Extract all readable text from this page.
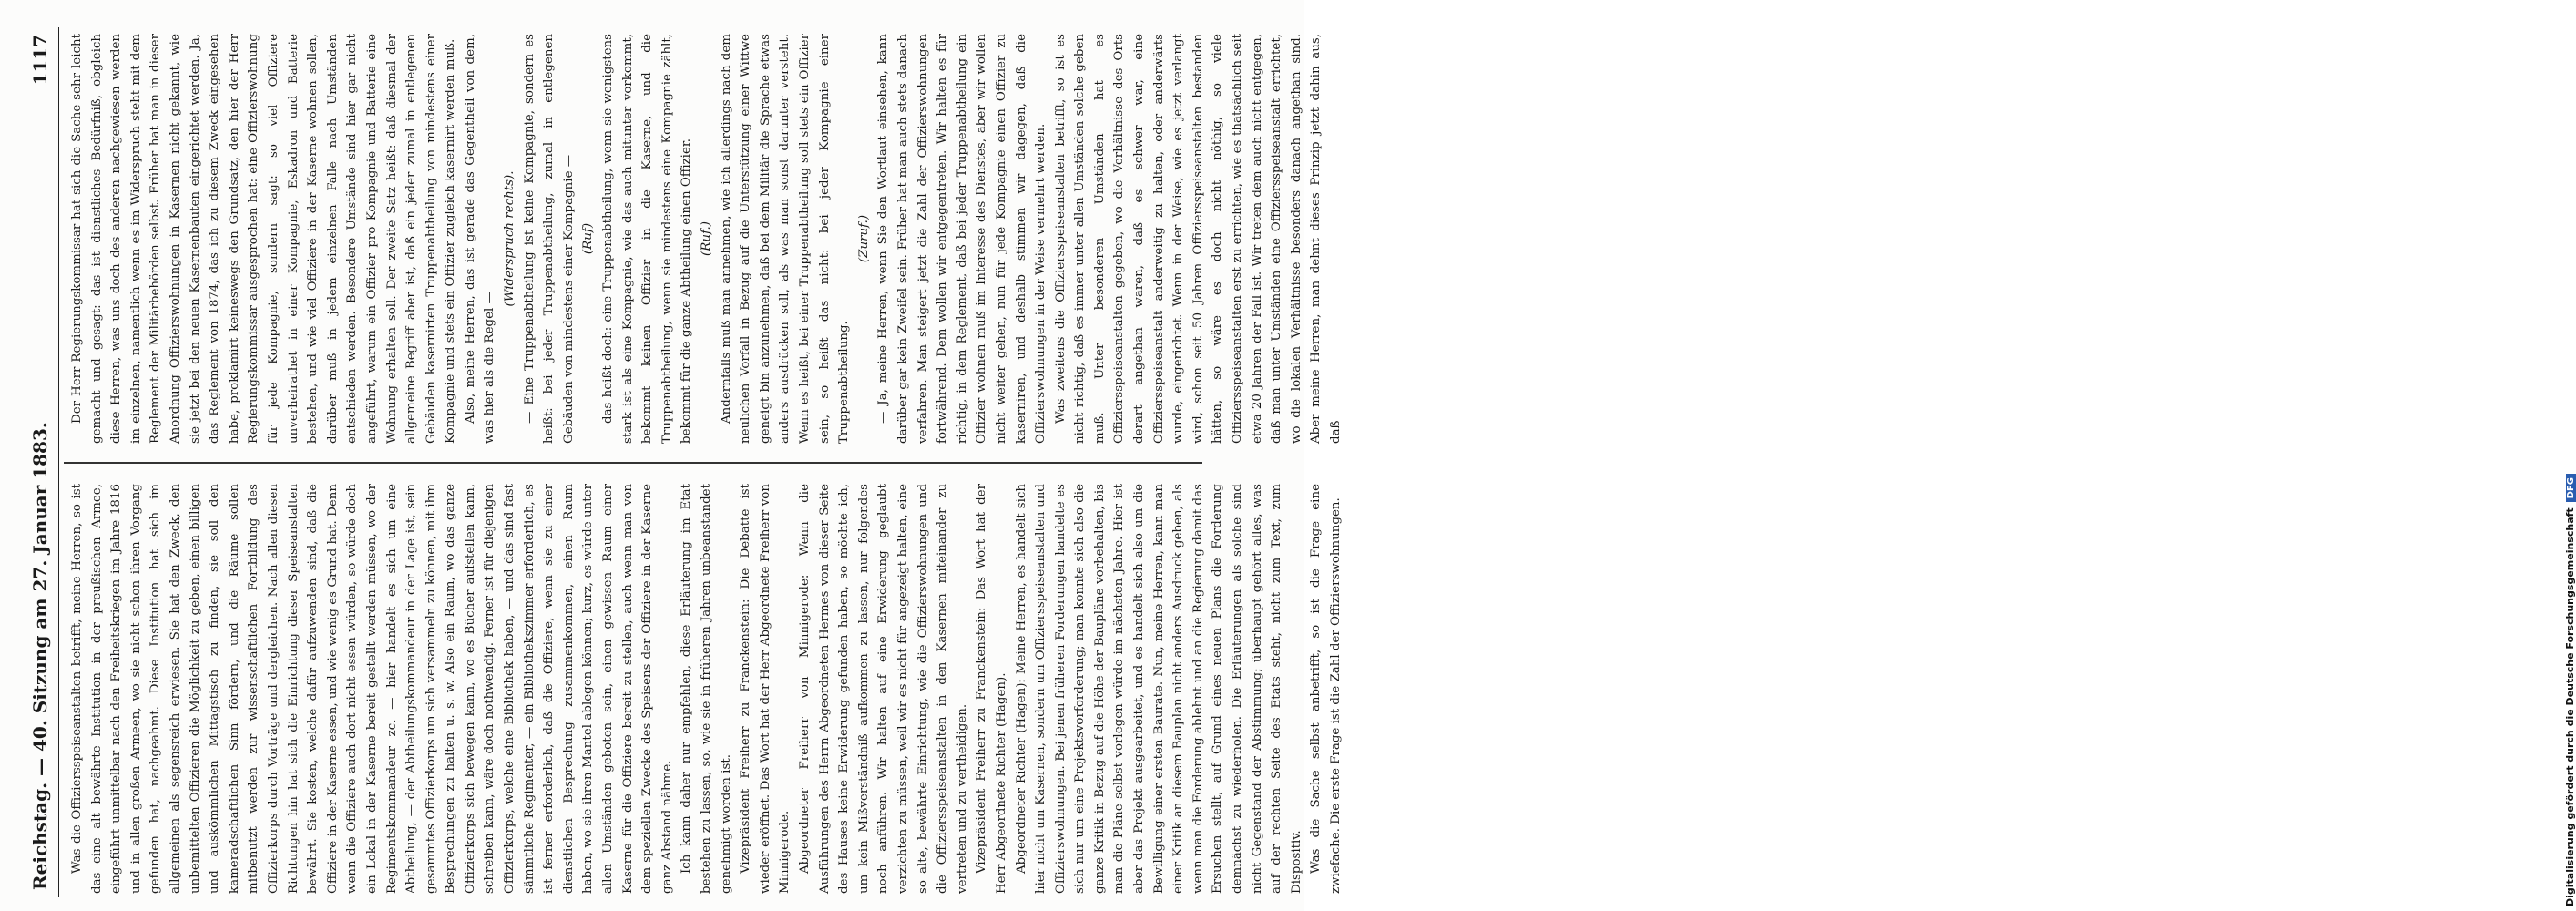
Reichstag. — 40. Sitzung am 27. Januar 1883.
1117

Was die Offiziersspeiseanstalten betrifft, meine Herren, so ist das eine alt bewährte Institution in der preußischen Armee, eingeführt unmittelbar nach den Freiheitskriegen im Jahre 1816 und in allen großen Armeen, wo sie nicht schon ihren Vorgang gefunden hat, nachgeahmt. Diese Institution hat sich im allgemeinen als segensreich erwiesen. Sie hat den Zweck, den unbemittelten Offizieren die Möglichkeit zu geben, einen billigen und auskömmlichen Mittagstisch zu finden, sie soll den kameradschaftlichen Sinn fördern, und die Räume sollen mitbenutzt werden zur wissenschaftlichen Fortbildung des Offizierkorps durch Vorträge und dergleichen. Nach allen diesen Richtungen hin hat sich die Einrichtung dieser Speiseanstalten bewährt. Sie kosten, welche dafür aufzuwenden sind, daß die Offiziere in der Kaserne essen, und wie wenig es Grund hat. Denn wenn die Offiziere auch dort nicht essen würden, so würde doch ein Lokal in der Kaserne bereit gestellt werden müssen, wo der Regimentskommandeur zc. — hier handelt es sich um eine Abtheilung, — der Abtheilungskommandeur in der Lage ist, sein gesammtes Offizierkorps um sich versammeln zu können, mit ihm Besprechungen zu halten u. s. w. Also ein Raum, wo das ganze Offizierkorps sich bewegen kann, wo es Bücher aufstellen kann, schreiben kann, wäre doch nothwendig. Ferner ist für diejenigen Offizierkorps, welche eine Bibliothek haben, — und das sind fast sämmtliche Regimenter, — ein Bibliothekszimmer erforderlich, es ist ferner erforderlich, daß die Offiziere, wenn sie zu einer dienstlichen Besprechung zusammenkommen, einen Raum haben, wo sie ihren Mantel ablegen können; kurz, es würde unter allen Umständen geboten sein, einen gewissen Raum einer Kaserne für die Offiziere bereit zu stellen, auch wenn man von dem speziellen Zwecke des Speisens der Offiziere in der Kaserne ganz Abstand nähme. Ich kann daher nur empfehlen, diese Erläuterung im Etat bestehen zu lassen, so, wie sie in früheren Jahren unbeanstandet genehmigt worden ist. Vizepräsident Freiherr zu Franckenstein: Die Debatte ist wieder eröffnet. Das Wort hat der Herr Abgeordnete Freiherr von Minnigerode. Abgeordneter Freiherr von Minnigerode: Wenn die Ausführungen des Herrn Abgeordneten Hermes von dieser Seite des Hauses keine Erwiderung gefunden haben, so möchte ich, um kein Mißverständniß aufkommen zu lassen, nur folgendes noch anführen. Wir halten auf eine Erwiderung geglaubt verzichten zu müssen, weil wir es nicht für angezeigt halten, eine so alte, bewährte Einrichtung, wie die Offizierswohnungen und die Offiziersspeiseanstalten in den Kasernen miteinander zu vertreten und zu vertheidigen. Vizepräsident Freiherr zu Franckenstein: Das Wort hat der Herr Abgeordnete Richter (Hagen). Abgeordneter Richter (Hagen): Meine Herren, es handelt sich hier nicht um Kasernen, sondern um Offiziersspeiseanstalten und Offizierswohnungen. Bei jenen früheren Forderungen handelte es sich nur um eine Projektsvorforderung; man konnte sich also die ganze Kritik in Bezug auf die Höhe der Baupläne vorbehalten, bis man die Pläne selbst vorlegen würde im nächsten Jahre. Hier ist aber das Projekt ausgearbeitet, und es handelt sich also um die Bewilligung einer ersten Baurate. Nun, meine Herren, kann man einer Kritik an diesem Bauplan nicht anders Ausdruck geben, als wenn man die Forderung ablehnt und an die Regierung damit das Ersuchen stellt, auf Grund eines neuen Plans die Forderung demnächst zu wiederholen. Die Erläuterungen als solche sind nicht Gegenstand der Abstimmung; überhaupt gehört alles, was auf der rechten Seite des Etats steht, nicht zum Text, zum Dispositiv. Was die Sache selbst anbetrifft, so ist die Frage eine zwiefache. Die erste Frage ist die Zahl der Offizierswohnungen.

Der Herr Regierungskommissar hat sich die Sache sehr leicht gemacht und gesagt: das ist dienstliches Bedürfniß, obgleich diese Herren, was uns doch des anderen nachgewiesen werden im einzelnen, namentlich wenn es im Widerspruch steht mit dem Reglement der Militärbehörden selbst. Früher hat man in dieser Anordnung Offizierswohnungen in Kasernen nicht gekannt, wie sie jetzt bei den neuen Kasernenbauten eingerichtet werden. Ja, das Reglement von 1874, das ich zu diesem Zweck eingesehen habe, proklamirt keineswegs den Grundsatz, den hier der Herr Regierungskommissar ausgesprochen hat: eine Offizierswohnung für jede Kompagnie, sondern sagt: so viel Offiziere unverheirathet in einer Kompagnie, Eskadron und Batterie bestehen, und wie viel Offiziere in der Kaserne wohnen sollen, darüber muß in jedem einzelnen Falle nach Umständen entschieden werden. Besondere Umstände sind hier gar nicht angeführt, warum ein Offizier pro Kompagnie und Batterie eine Wohnung erhalten soll. Der zweite Satz heißt: daß diesmal der allgemeine Begriff aber ist, daß ein jeder zumal in entlegenen Gebäuden kasernirten Truppenabtheilung von mindestens einer Kompagnie und stets ein Offizier zugleich kasernirt werden muß. Also, meine Herren, das ist gerade das Gegentheil von dem, was hier als die Regel —

(Widerspruch rechts). — Eine Truppenabtheilung ist keine Kompagnie, sondern es heißt: bei jeder Truppenabtheilung, zumal in entlegenen Gebäuden von mindestens einer Kompagnie — (Ruf) das heißt doch: eine Truppenabtheilung, wenn sie wenigstens stark ist als eine Kompagnie, wie das auch mitunter vorkommt, bekommt keinen Offizier in die Kaserne, und die Truppenabtheilung, wenn sie mindestens eine Kompagnie zählt, bekommt für die ganze Abtheilung einen Offizier. (Ruf.) Andernfalls muß man annehmen, wie ich allerdings nach dem neulichen Vorfall in Bezug auf die Unterstützung einer Wittwe geneigt bin anzunehmen, daß bei dem Militär die Sprache etwas anders ausdrücken soll, als was man sonst darunter versteht. Wenn es heißt, bei einer Truppenabtheilung soll stets ein Offizier sein, so heißt das nicht: bei jeder Kompagnie einer Truppenabtheilung.

(Zuruf.) — Ja, meine Herren, wenn Sie den Wortlaut einsehen, kann darüber gar kein Zweifel sein. Früher hat man auch stets danach verfahren. Man steigert jetzt die Zahl der Offizierswohnungen fortwährend. Dem wollen wir entgegentreten. Wir halten es für richtig, in dem Reglement, daß bei jeder Truppenabtheilung ein Offizier wohnen muß im Interesse des Dienstes, aber wir wollen nicht weiter gehen, nun für jede Kompagnie einen Offizier zu kaserniren, und deshalb stimmen wir dagegen, daß die Offizierswohnungen in der Weise vermehrt werden. Was zweitens die Offiziersspeiseanstalten betrifft, so ist es nicht richtig, daß es immer unter allen Umständen solche geben muß. Unter besonderen Umständen hat es Offiziersspeiseanstalten gegeben, wo die Verhältnisse des Orts derart angethan waren, daß es schwer war, eine Offiziersspeiseanstalt anderweitig zu halten, oder anderwärts wurde, eingerichtet. Wenn in der Weise, wie es jetzt verlangt wird, schon seit 50 Jahren Offiziersspeiseanstalten bestanden hätten, so wäre es doch nicht nöthig, so viele Offiziersspeiseanstalten erst zu errichten, wie es thatsächlich seit etwa 20 Jahren der Fall ist. Wir treten dem auch nicht entgegen, daß man unter Umständen eine Offiziersspeiseanstalt errichtet, wo die lokalen Verhältnisse besonders danach angethan sind. Aber meine Herren, man dehnt dieses Prinzip jetzt dahin aus, daß

Digitalisierung gefördert durch die Deutsche ForschungsgemeinschaftDFG
